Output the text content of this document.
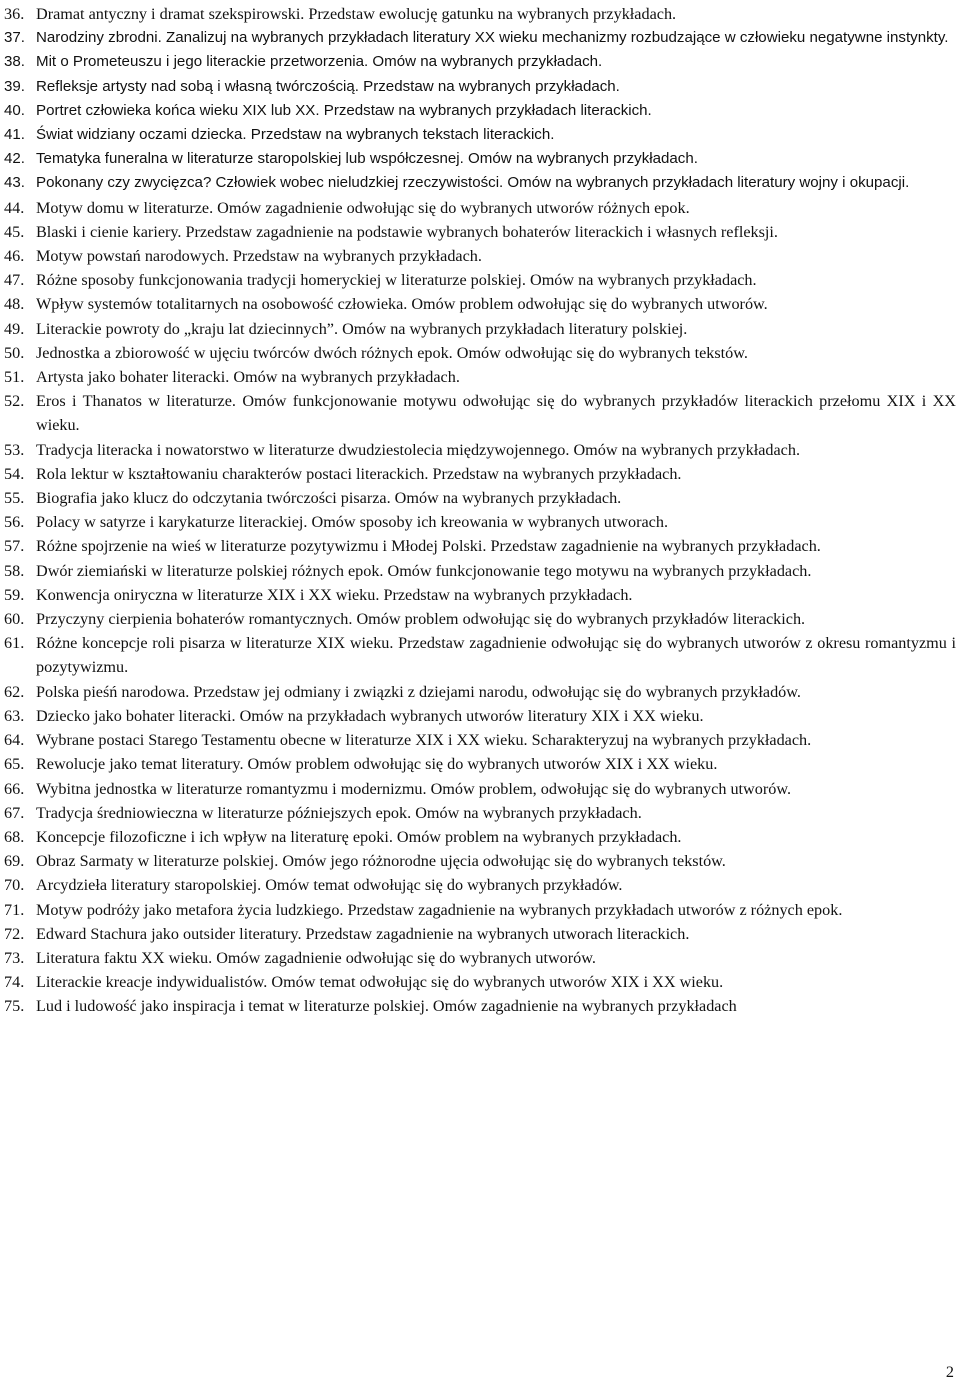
36. Dramat antyczny i dramat szekspirowski. Przedstaw ewolucję gatunku na wybranych przykładach.
37. Narodziny zbrodni. Zanalizuj na wybranych przykładach literatury XX wieku mechanizmy rozbudzające w człowieku negatywne instynkty.
38. Mit o Prometeuszu i jego literackie przetworzenia. Omów na wybranych przykładach.
39. Refleksje artysty nad sobą i własną twórczością. Przedstaw na wybranych przykładach.
40. Portret człowieka końca wieku XIX lub XX. Przedstaw na wybranych przykładach literackich.
41. Świat widziany oczami dziecka. Przedstaw na wybranych tekstach literackich.
42. Tematyka funeralna w literaturze staropolskiej lub współczesnej. Omów na wybranych przykładach.
43. Pokonany czy zwycięzca? Człowiek wobec nieludzkiej rzeczywistości. Omów na wybranych przykładach literatury wojny i okupacji.
44. Motyw domu w literaturze. Omów zagadnienie odwołując się do wybranych utworów różnych epok.
45. Blaski i cienie kariery. Przedstaw zagadnienie na podstawie wybranych bohaterów literackich i własnych refleksji.
46. Motyw powstań narodowych. Przedstaw na wybranych przykładach.
47. Różne sposoby funkcjonowania tradycji homeryckiej w literaturze polskiej. Omów na wybranych przykładach.
48. Wpływ systemów totalitarnych na osobowość człowieka. Omów problem odwołując się do wybranych utworów.
49. Literackie powroty do „kraju lat dziecinnych”. Omów na wybranych przykładach literatury polskiej.
50. Jednostka a zbiorowość w ujęciu twórców dwóch różnych epok. Omów odwołując się do wybranych tekstów.
51. Artysta jako bohater literacki. Omów na wybranych przykładach.
52. Eros i Thanatos w literaturze. Omów funkcjonowanie motywu odwołując się do wybranych przykładów literackich przełomu XIX i XX wieku.
53. Tradycja literacka i nowatorstwo w literaturze dwudziestolecia międzywojennego. Omów na wybranych przykładach.
54. Rola lektur w kształtowaniu charakterów postaci literackich. Przedstaw na wybranych przykładach.
55. Biografia jako klucz do odczytania twórczości pisarza. Omów na wybranych przykładach.
56. Polacy w satyrze i karykaturze literackiej. Omów sposoby ich kreowania w wybranych utworach.
57. Różne spojrzenie na wieś w literaturze pozytywizmu i Młodej Polski. Przedstaw zagadnienie na wybranych przykładach.
58. Dwór ziemiański w literaturze polskiej różnych epok. Omów funkcjonowanie tego motywu na wybranych przykładach.
59. Konwencja oniryczna w literaturze XIX i XX wieku. Przedstaw na wybranych przykładach.
60. Przyczyny cierpienia bohaterów romantycznych. Omów problem odwołując się do wybranych przykładów literackich.
61. Różne koncepcje roli pisarza w literaturze XIX wieku. Przedstaw zagadnienie odwołując się do wybranych utworów z okresu romantyzmu i pozytywizmu.
62. Polska pieśń narodowa. Przedstaw jej odmiany i związki z dziejami narodu, odwołując się do wybranych przykładów.
63. Dziecko jako bohater literacki. Omów na przykładach wybranych utworów literatury XIX i XX wieku.
64. Wybrane postaci Starego Testamentu obecne w literaturze XIX i XX wieku. Scharakteryzuj na wybranych przykładach.
65. Rewolucje jako temat literatury. Omów problem odwołując się do wybranych utworów XIX i XX wieku.
66. Wybitna jednostka w literaturze romantyzmu i modernizmu. Omów problem, odwołując się do wybranych utworów.
67. Tradycja średniowieczna w literaturze późniejszych epok. Omów na wybranych przykładach.
68. Koncepcje filozoficzne i ich wpływ na literaturę epoki. Omów problem na wybranych przykładach.
69. Obraz Sarmaty w literaturze polskiej. Omów jego różnorodne ujęcia odwołując się do wybranych tekstów.
70. Arcydzieła literatury staropolskiej. Omów temat odwołując się do wybranych przykładów.
71. Motyw podróży jako metafora życia ludzkiego. Przedstaw zagadnienie na wybranych przykładach utworów z różnych epok.
72. Edward Stachura jako outsider literatury. Przedstaw zagadnienie na wybranych utworach literackich.
73. Literatura faktu XX wieku. Omów zagadnienie odwołując się do wybranych utworów.
74. Literackie kreacje indywidualistów. Omów temat odwołując się do wybranych utworów XIX i XX wieku.
75. Lud i ludowość jako inspiracja i temat w literaturze polskiej. Omów zagadnienie na wybranych przykładach
2
